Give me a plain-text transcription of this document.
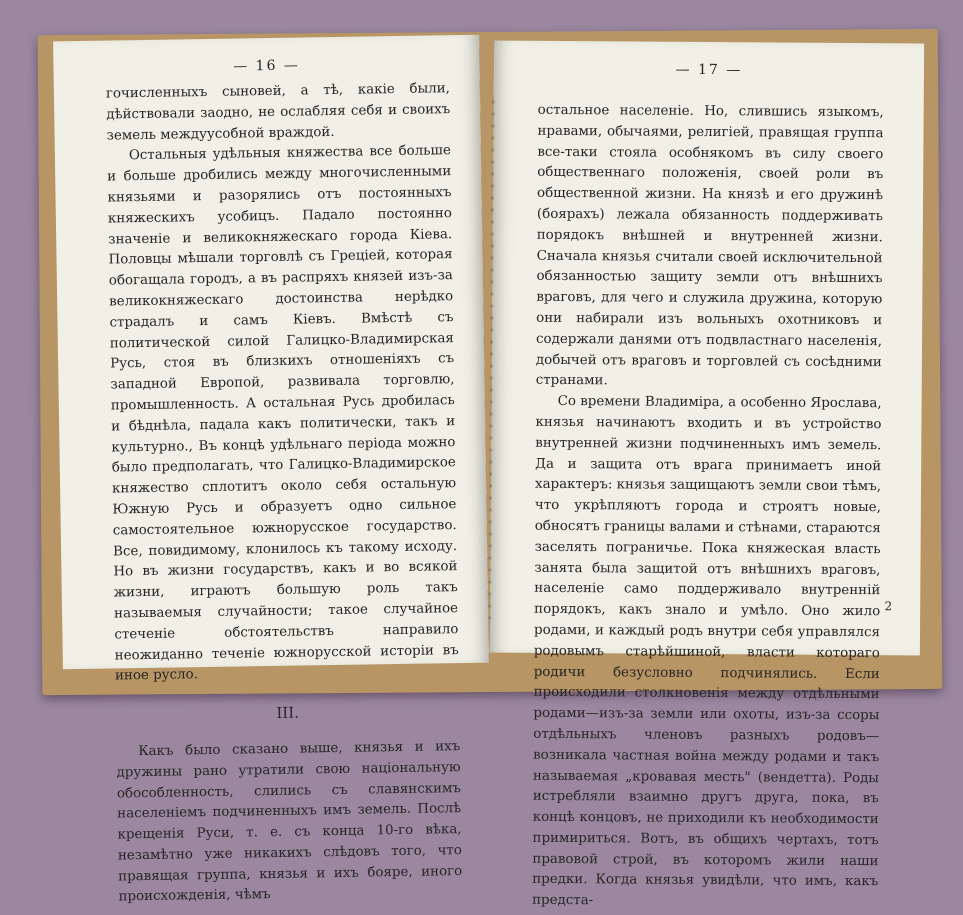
— 16 —

гочисленныхъ сыновей, а тѣ, какіе были, дѣйствовали заодно, не ослабляя себя и своихъ земель междуусобной враждой.

Остальныя удѣльныя княжества все больше и больше дробились между многочисленными князьями и разорялись отъ постоянныхъ княжескихъ усобицъ. Падало постоянно значеніе и великокняжескаго города Кіева. Половцы мѣшали торговлѣ съ Греціей, которая обогащала городъ, а въ распряхъ князей изъ-за великокняжескаго достоинства нерѣдко страдалъ и самъ Кіевъ. Вмѣстѣ съ политической силой Галицко-Владимирская Русь, стоя въ близкихъ отношеніяхъ съ западной Европой, развивала торговлю, промышленность. А остальная Русь дробилась и бѣднѣла, падала какъ политически, такъ и культурно., Въ концѣ удѣльнаго періода можно было предполагать, что Галицко-Владимирское княжество сплотитъ около себя остальную Южную Русь и образуетъ одно сильное самостоятельное южнорусское государство. Все, повидимому, клонилось къ такому исходу. Но въ жизни государствъ, какъ и во всякой жизни, играютъ большую роль такъ называемыя случайности; такое случайное стеченіе обстоятельствъ направило неожиданно теченіе южнорусской исторіи въ иное русло.

III.

Какъ было сказано выше, князья и ихъ дружины рано утратили свою національную обособленность, слились съ славянскимъ населеніемъ подчиненныхъ имъ земель. Послѣ крещенія Руси, т. е. съ конца 10-го вѣка, незамѣтно уже никакихъ слѣдовъ того, что правящая группа, князья и ихъ бояре, иного происхожденія, чѣмъ

— 17 —

остальное населеніе. Но, слившись языкомъ, нравами, обычаями, религіей, правящая группа все-таки стояла особнякомъ въ силу своего общественнаго положенія, своей роли въ общественной жизни. На князѣ и его дружинѣ (боярахъ) лежала обязанность поддерживать порядокъ внѣшней и внутренней жизни. Сначала князья считали своей исключительной обязанностью защиту земли отъ внѣшнихъ враговъ, для чего и служила дружина, которую они набирали изъ вольныхъ охотниковъ и содержали данями отъ подвластнаго населенія, добычей отъ враговъ и торговлей съ сосѣдними странами.

Со времени Владиміра, а особенно Ярослава, князья начинаютъ входить и въ устройство внутренней жизни подчиненныхъ имъ земель. Да и защита отъ врага принимаетъ иной характеръ: князья защищаютъ земли свои тѣмъ, что укрѣпляютъ города и строятъ новые, обносятъ границы валами и стѣнами, стараются заселять пограничье. Пока княжеская власть занята была защитой отъ внѣшнихъ враговъ, населеніе само поддерживало внутренній порядокъ, какъ знало и умѣло. Оно жило родами, и каждый родъ внутри себя управлялся родовымъ старѣйшиной, власти котораго родичи безусловно подчинялись. Если происходили столкновенія между отдѣльными родами—изъ-за земли или охоты, изъ-за ссоры отдѣльныхъ членовъ разныхъ родовъ—возникала частная война между родами и такъ называемая „кровавая месть" (вендетта). Роды истребляли взаимно другъ друга, пока, въ концѣ концовъ, не приходили къ необходимости примириться. Вотъ, въ общихъ чертахъ, тотъ правовой строй, въ которомъ жили наши предки. Когда князья увидѣли, что имъ, какъ предста-

2
